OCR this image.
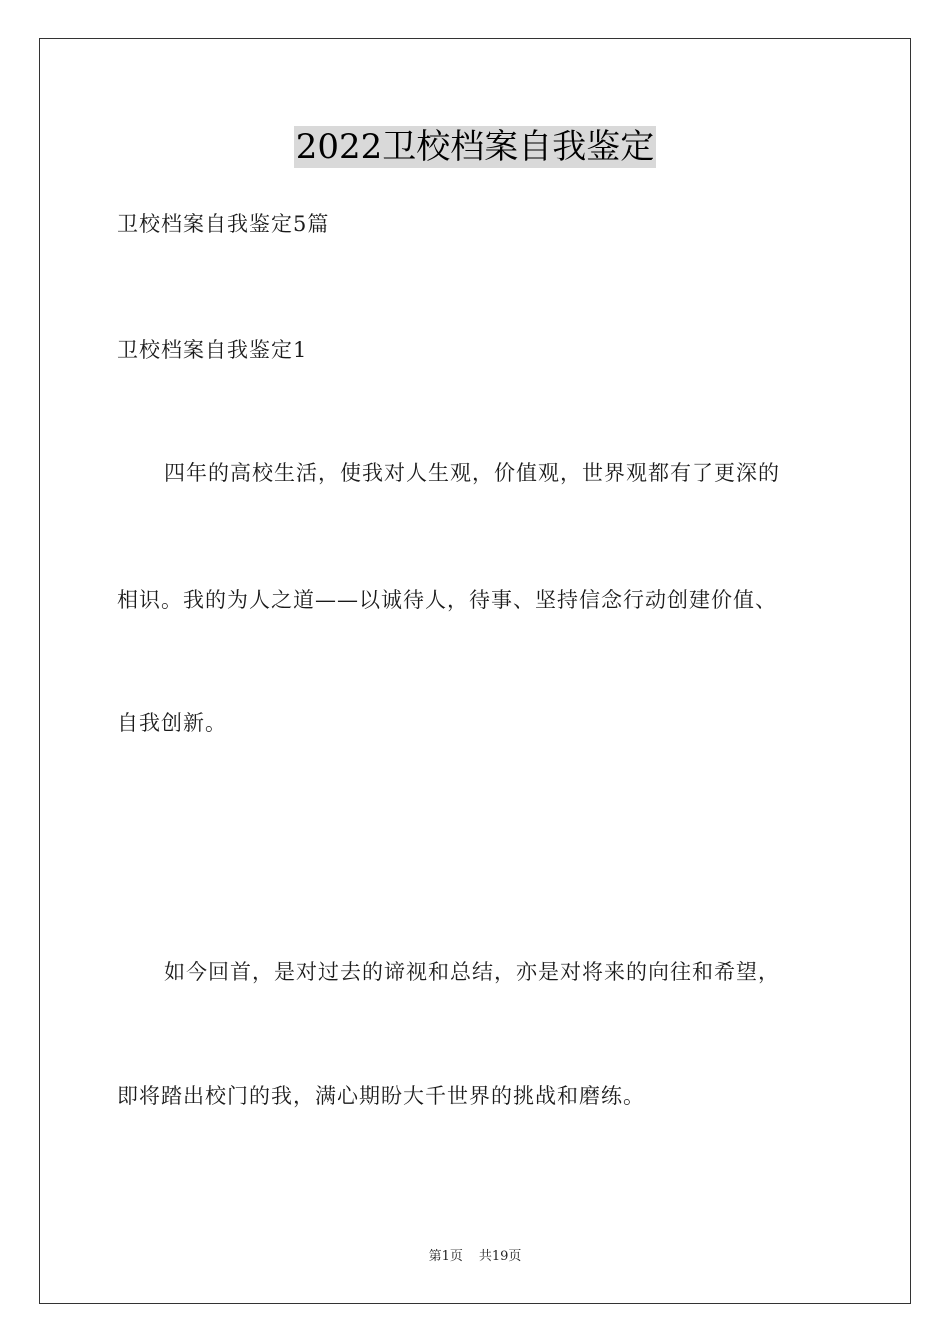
2022卫校档案自我鉴定
卫校档案自我鉴定5篇
卫校档案自我鉴定1
四年的高校生活，使我对人生观，价值观，世界观都有了更深的
相识。我的为人之道——以诚待人，待事、坚持信念行动创建价值、
自我创新。
如今回首，是对过去的谛视和总结，亦是对将来的向往和希望，
即将踏出校门的我，满心期盼大千世界的挑战和磨练。
第1页 共19页
